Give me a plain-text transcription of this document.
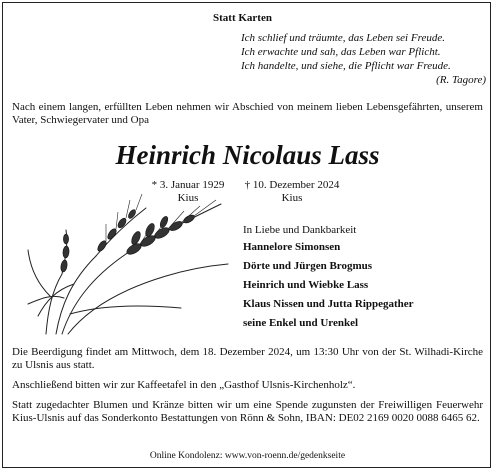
Statt Karten
Ich schlief und träumte, das Leben sei Freude.
Ich erwachte und sah, das Leben war Pflicht.
Ich handelte, und siehe, die Pflicht war Freude.
(R. Tagore)
Nach einem langen, erfüllten Leben nehmen wir Abschied von meinem lieben Lebensgefährten, unserem Vater, Schwiegervater und Opa
Heinrich Nicolaus Lass
* 3. Januar 1929
Kius
† 10. Dezember 2024
Kius
In Liebe und Dankbarkeit
Hannelore Simonsen
Dörte und Jürgen Brogmus
Heinrich und Wiebke Lass
Klaus Nissen und Jutta Rippegather
seine Enkel und Urenkel
Die Beerdigung findet am Mittwoch, dem 18. Dezember 2024, um 13:30 Uhr von der St. Wilhadi-Kirche zu Ulsnis aus statt.
Anschließend bitten wir zur Kaffeetafel in den „Gasthof Ulsnis-Kirchenholz“.
Statt zugedachter Blumen und Kränze bitten wir um eine Spende zugunsten der Freiwilligen Feuerwehr Kius-Ulsnis auf das Sonderkonto Bestattungen von Rönn & Sohn, IBAN: DE02 2169 0020 0088 6465 62.
Online Kondolenz: www.von-roenn.de/gedenkseite
